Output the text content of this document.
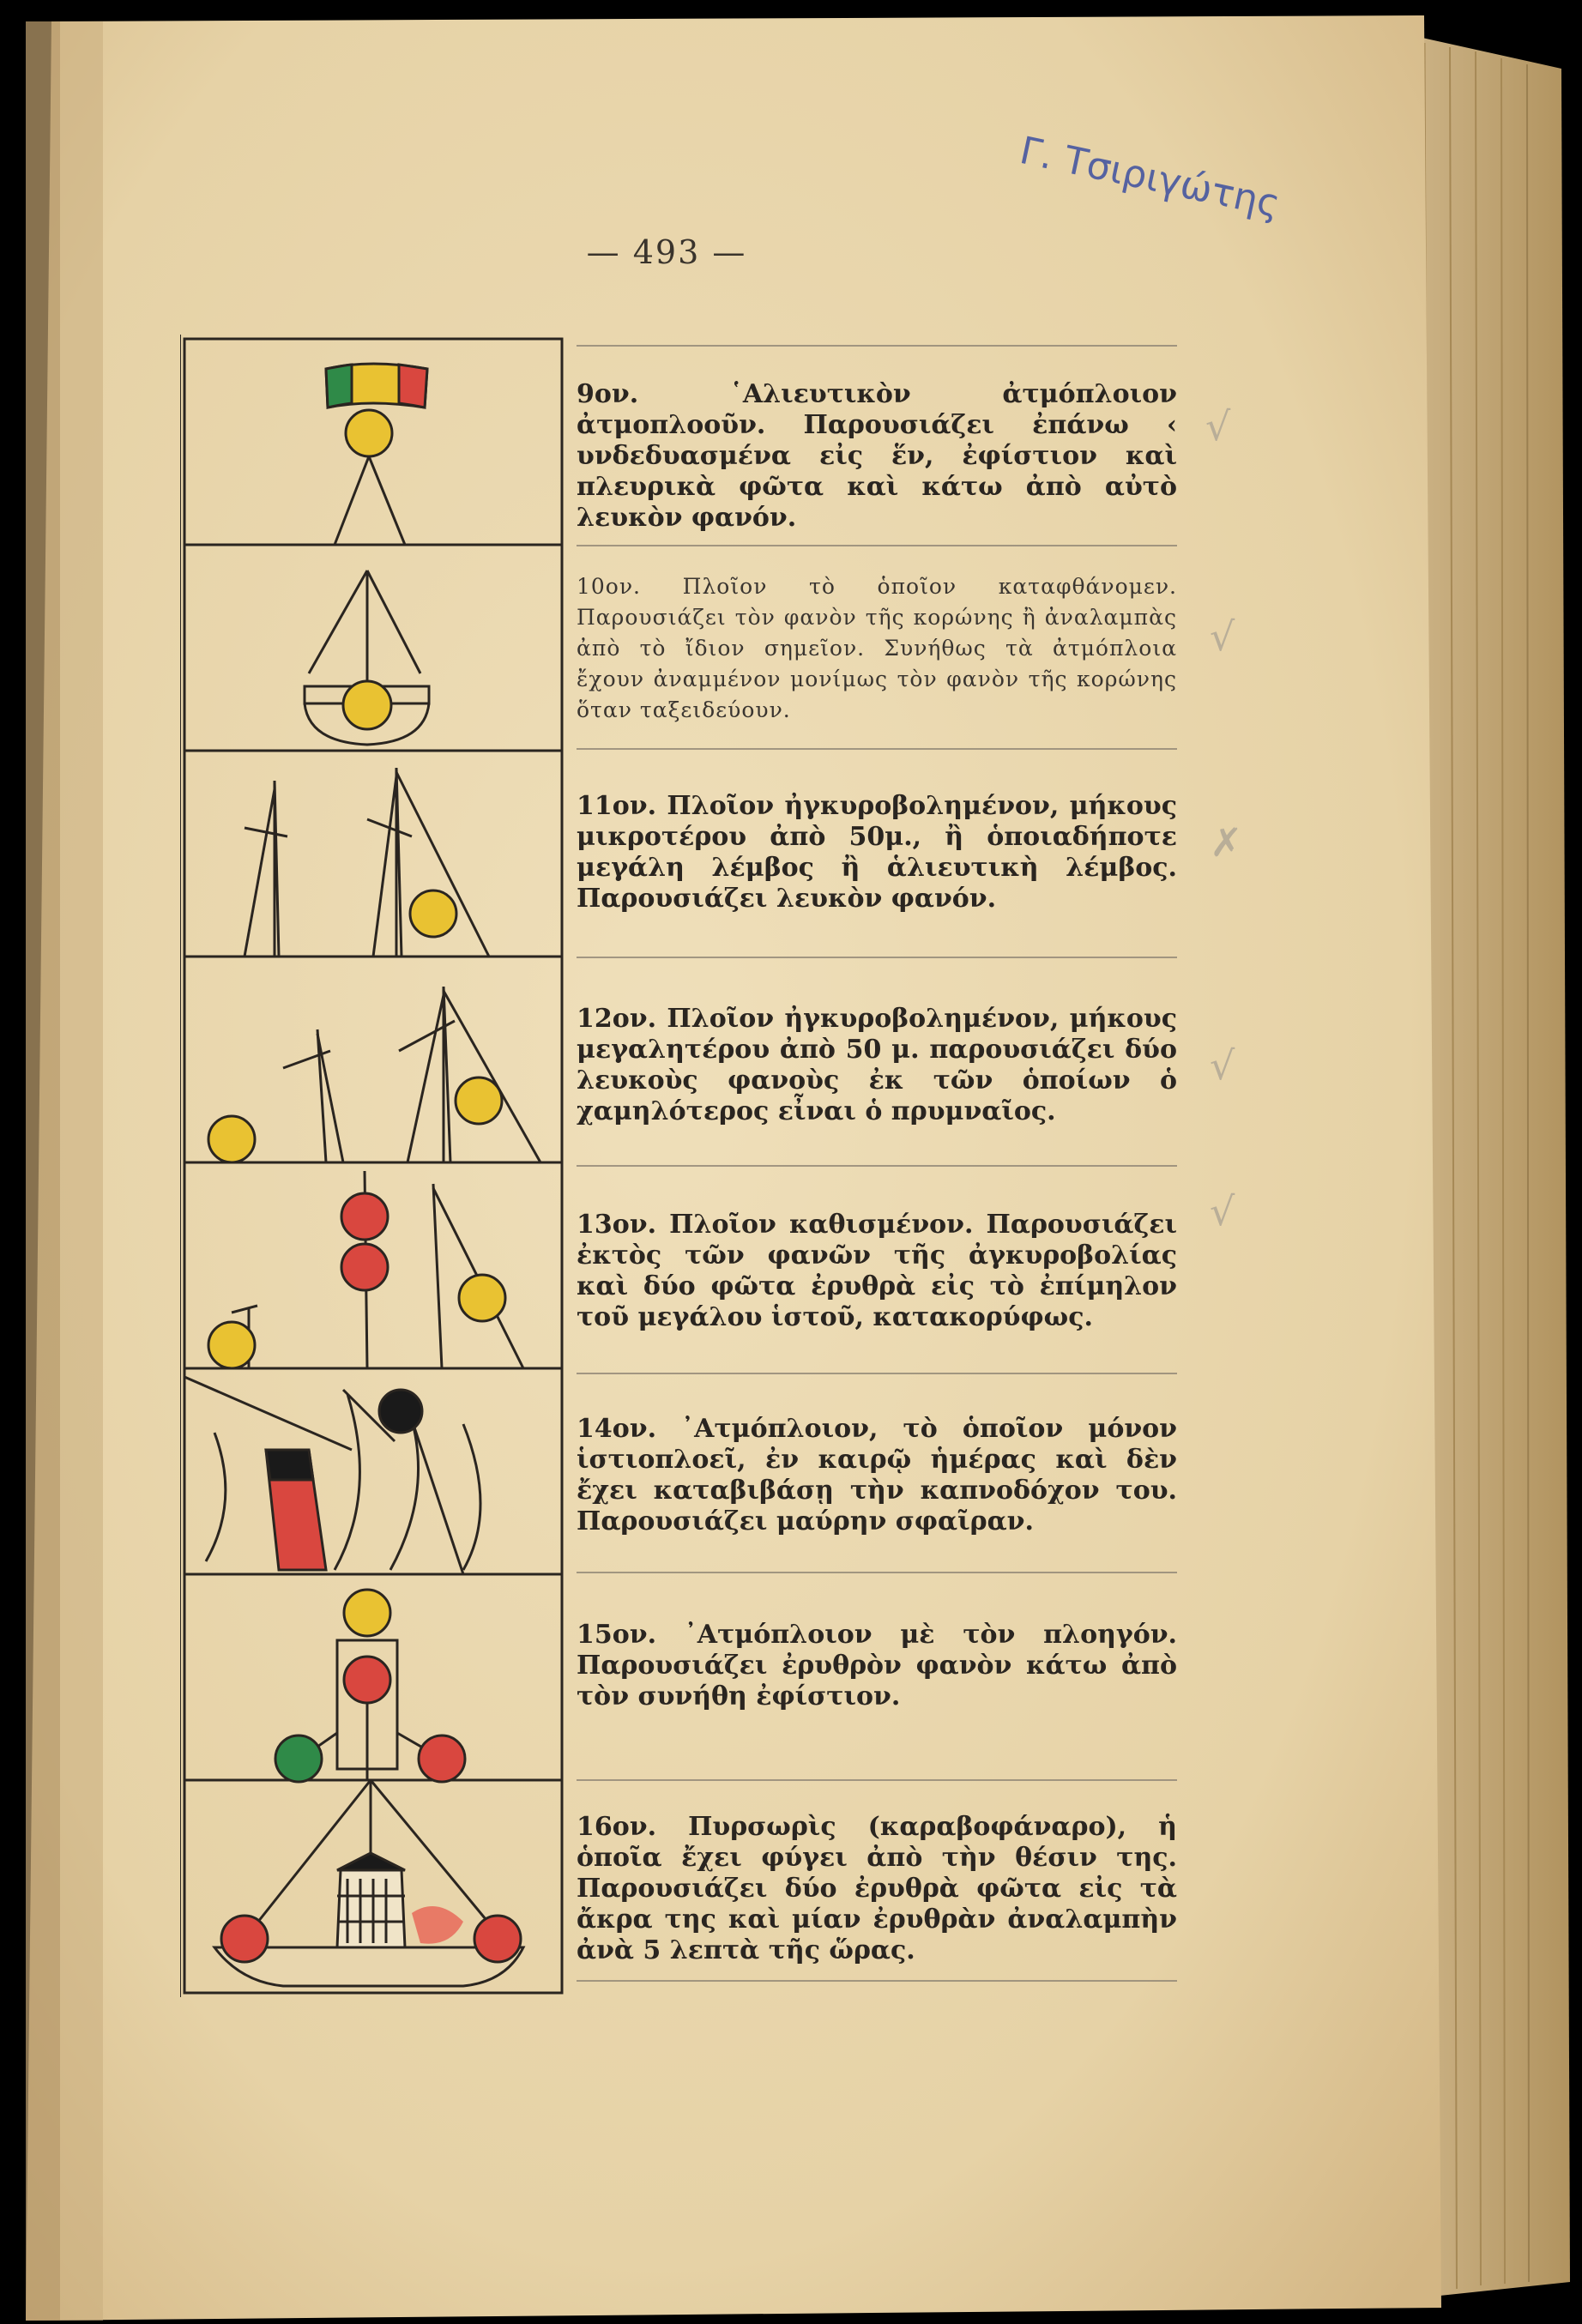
— 493 —
Γ. Τσιριγώτης

9ον. ῾Αλιευτικὸν ἀτμόπλοιον ἀτμοπλοοῦν. Παρουσιάζει ἐπάνω ‹ υνδεδυασμένα εἰς ἕν, ἐφίστιον καὶ πλευρικὰ φῶτα καὶ κάτω ἀπὸ αὐτὸ λευκὸν φανόν.

10ον. Πλοῖον τὸ ὁποῖον καταφθάνομεν. Παρουσιάζει τὸν φανὸν τῆς κορώνης ἢ ἀναλαμπὰς ἀπὸ τὸ ἴδιον σημεῖον. Συνήθως τὰ ἀτμόπλοια ἔχουν ἀναμμένον μονίμως τὸν φανὸν τῆς κορώνης ὅταν ταξειδεύουν.

11ον. Πλοῖον ἠγκυροβολημένον, μήκους μικροτέρου ἀπὸ 50μ., ἢ ὁποιαδήποτε μεγάλη λέμβος ἢ ἁλιευτικὴ λέμβος. Παρουσιάζει λευκὸν φανόν.

12ον. Πλοῖον ἠγκυροβολημένον, μήκους μεγαλητέρου ἀπὸ 50 μ. παρουσιάζει δύο λευκοὺς φανοὺς ἐκ τῶν ὁποίων ὁ χαμηλότερος εἶναι ὁ πρυμναῖος.

13ον. Πλοῖον καθισμένον. Παρουσιάζει ἐκτὸς τῶν φανῶν τῆς ἀγκυροβολίας καὶ δύο φῶτα ἐρυθρὰ εἰς τὸ ἐπίμηλον τοῦ μεγάλου ἱστοῦ, κατακορύφως.

14ον. ᾿Ατμόπλοιον, τὸ ὁποῖον μόνον ἱστιοπλοεῖ, ἐν καιρῷ ἡμέρας καὶ δὲν ἔχει καταβιβάσῃ τὴν καπνοδόχον του. Παρουσιάζει μαύρην σφαῖραν.

15ον. ᾿Ατμόπλοιον μὲ τὸν πλοηγόν. Παρουσιάζει ἐρυθρὸν φανὸν κάτω ἀπὸ τὸν συνήθη ἐφίστιον.

16ον. Πυρσωρὶς (καραβοφάναρο), ἡ ὁποῖα ἔχει φύγει ἀπὸ τὴν θέσιν της. Παρουσιάζει δύο ἐρυθρὰ φῶτα εἰς τὰ ἄκρα της καὶ μίαν ἐρυθρὰν ἀναλαμπὴν ἀνὰ 5 λεπτὰ τῆς ὥρας.

√
√
✗
√
√
